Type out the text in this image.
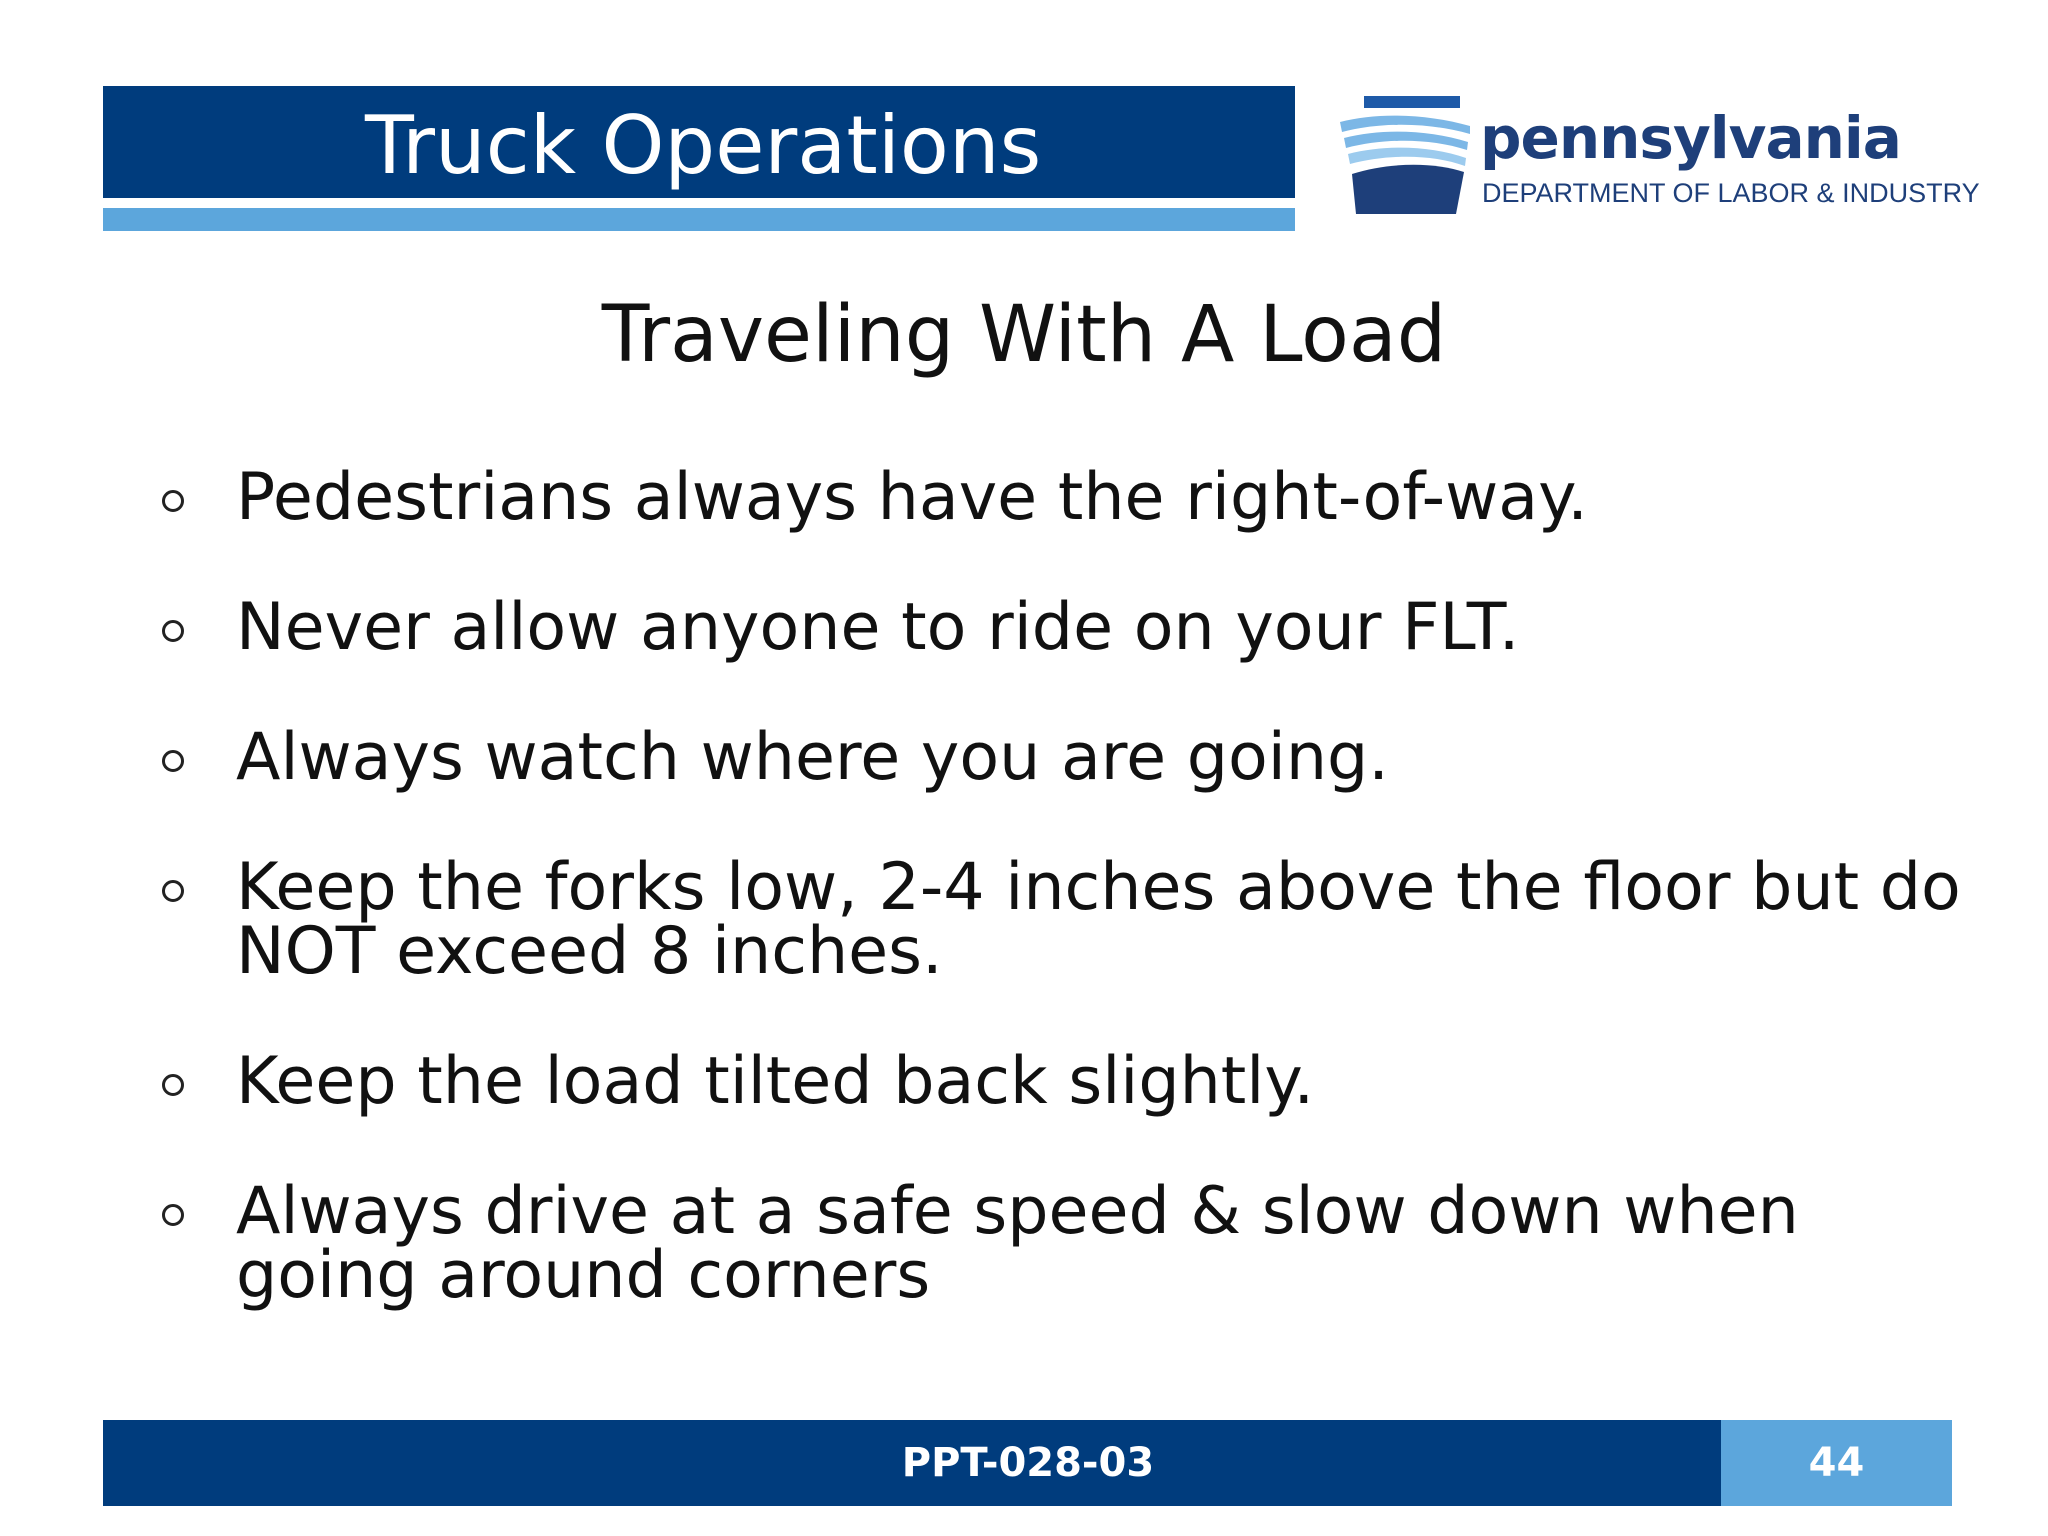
Truck Operations	pennsylvania
DEPARTMENT OF LABOR & INDUSTRY
Traveling With A Load
Pedestrians always have the right-of-way.
Never allow anyone to ride on your FLT.
Always watch where you are going.
Keep the forks low, 2-4 inches above the floor but do NOT exceed 8 inches.
Keep the load tilted back slightly.
Always drive at a safe speed & slow down when going around corners
PPT-028-03	44
